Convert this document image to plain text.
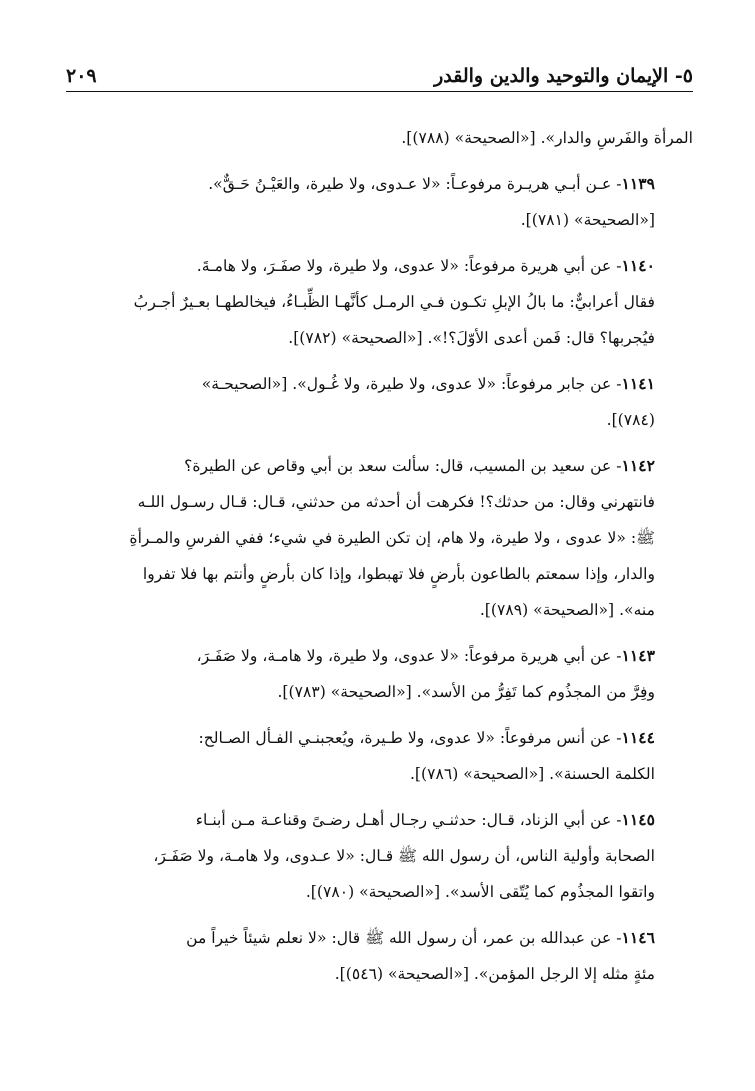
٥- الإيمان والتوحيد والدين والقدر
٢٠٩

المرأة والفَرسِ والدار». [«الصحيحة» (٧٨٨)].

١١٣٩- عـن أبـي هريـرة مرفوعـاً: «لا عـدوى، ولا طيرة، والعَيْـنُ حَـقٌّ».
[«الصحيحة» (٧٨١)].

١١٤٠- عن أبي هريرة مرفوعاً: «لا عدوى، ولا طيرة، ولا صفَـرَ، ولا هامـةَ.
فقال أعرابيٌّ: ما بالُ الإبلِ تكـون فـي الرمـل كأنَّهـا الظِّبـاءُ، فيخالطهـا بعـيرٌ أجـربُ
فيُجربها؟ قال: فَمن أعدى الأوّلَ؟!». [«الصحيحة» (٧٨٢)].

١١٤١- عن جابر مرفوعاً: «لا عدوى، ولا طيرة، ولا غُـول». [«الصحيحـة»
(٧٨٤)].

١١٤٢- عن سعيد بن المسيب، قال: سألت سعد بن أبي وقاص عن الطيرة؟
فانتهرني وقال: من حدثك؟! فكرهت أن أحدثه من حدثني، قـال: قـال رسـول اللـه
ﷺ: «لا عدوى ، ولا طيرة، ولا هام، إن تكن الطيرة في شيء؛ ففي الفرسِ والمـرأةِ
والدار، وإذا سمعتم بالطاعون بأرضٍ فلا تهبطوا، وإذا كان بأرضٍ وأنتم بها فلا تفروا
منه». [«الصحيحة» (٧٨٩)].

١١٤٣- عن أبي هريرة مرفوعاً: «لا عدوى، ولا طيرة، ولا هامـة، ولا صَفَـرَ،
وفِرَّ من المجذُوم كما تَفِرُّ من الأسد». [«الصحيحة» (٧٨٣)].

١١٤٤- عن أنس مرفوعاً: «لا عدوى، ولا طـيرة، ويُعجبنـي الفـأل الصـالح:
الكلمة الحسنة». [«الصحيحة» (٧٨٦)].

١١٤٥- عن أبي الزناد، قـال: حدثنـي رجـال أهـل رضـىً وقناعـة مـن أبنـاء
الصحابة وأولية الناس، أن رسول الله ﷺ قـال: «لا عـدوى، ولا هامـة، ولا صَفَـرَ،
واتقوا المجذُوم كما يُتّقى الأسد». [«الصحيحة» (٧٨٠)].

١١٤٦- عن عبدالله بن عمر، أن رسول الله ﷺ قال: «لا نعلم شيئاً خيراً من
مئةٍ مثله إلا الرجل المؤمن». [«الصحيحة» (٥٤٦)].
